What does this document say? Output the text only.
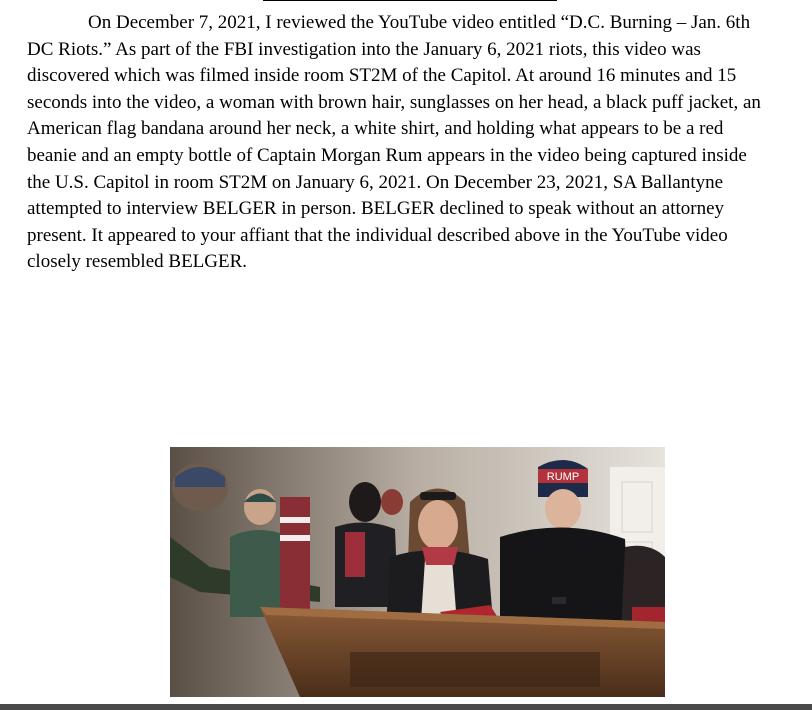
On December 7, 2021, I reviewed the YouTube video entitled “D.C. Burning – Jan. 6th
DC Riots.” As part of the FBI investigation into the January 6, 2021 riots, this video was
discovered which was filmed inside room ST2M of the Capitol. At around 16 minutes and 15
seconds into the video, a woman with brown hair, sunglasses on her head, a black puff jacket, an
American flag bandana around her neck, a white shirt, and holding what appears to be a red
beanie and an empty bottle of Captain Morgan Rum appears in the video being captured inside
the U.S. Capitol in room ST2M on January 6, 2021. On December 23, 2021, SA Ballantyne
attempted to interview BELGER in person. BELGER declined to speak without an attorney
present. It appeared to your affiant that the individual described above in the YouTube video
closely resembled BELGER.
RUMP
